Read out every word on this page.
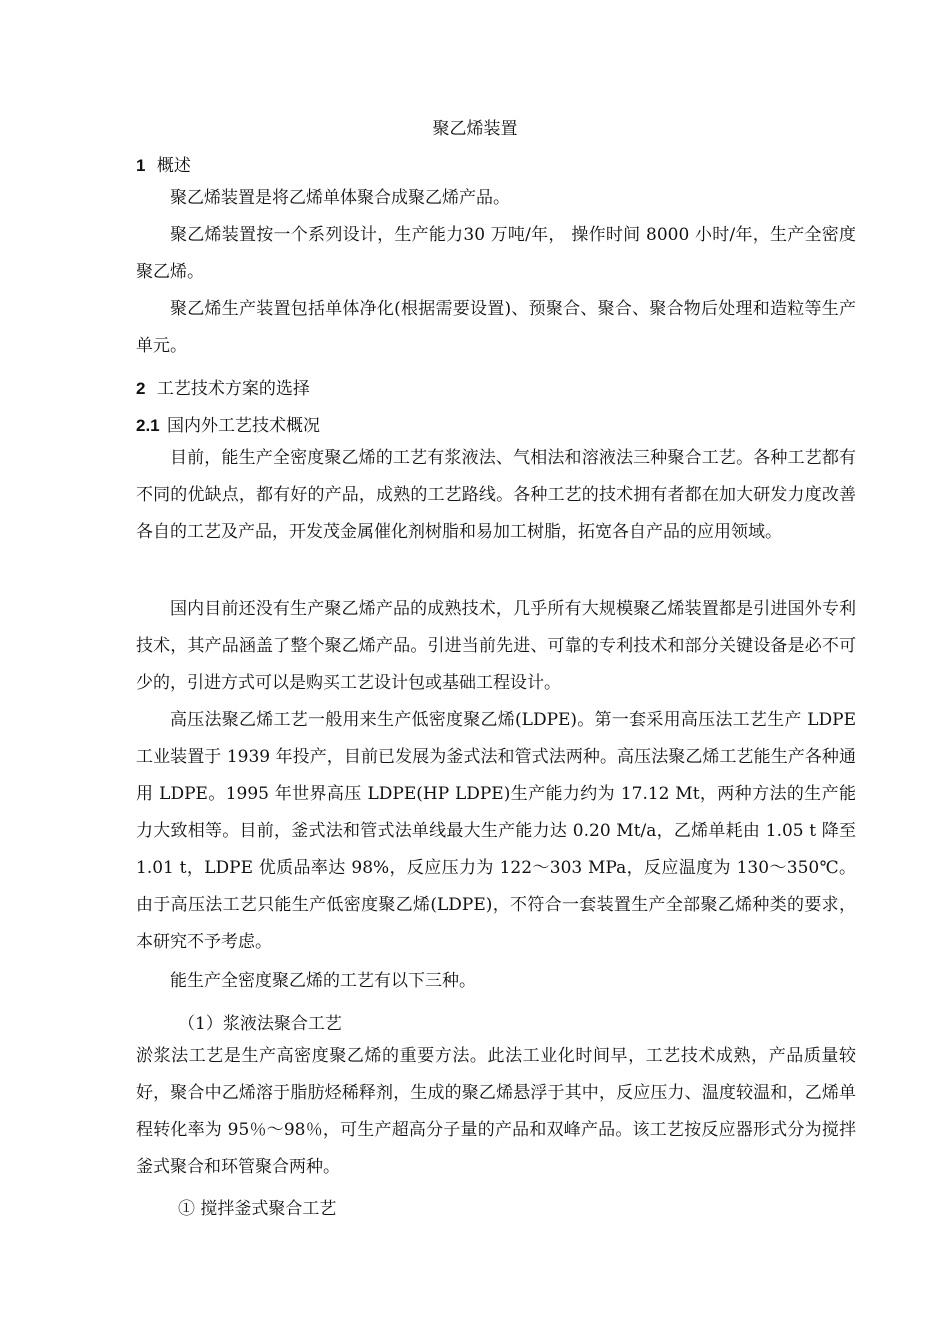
聚乙烯装置
1 概述

聚乙烯装置是将乙烯单体聚合成聚乙烯产品。

聚乙烯装置按一个系列设计，生产能力30 万吨/年， 操作时间 8000 小时/年，生产全密度聚乙烯。

聚乙烯生产装置包括单体净化(根据需要设置)、预聚合、聚合、聚合物后处理和造粒等生产单元。

2 工艺技术方案的选择
2.1 国内外工艺技术概况

目前，能生产全密度聚乙烯的工艺有浆液法、气相法和溶液法三种聚合工艺。各种工艺都有不同的优缺点，都有好的产品，成熟的工艺路线。各种工艺的技术拥有者都在加大研发力度改善各自的工艺及产品，开发茂金属催化剂树脂和易加工树脂，拓宽各自产品的应用领域。

国内目前还没有生产聚乙烯产品的成熟技术，几乎所有大规模聚乙烯装置都是引进国外专利技术，其产品涵盖了整个聚乙烯产品。引进当前先进、可靠的专利技术和部分关键设备是必不可少的，引进方式可以是购买工艺设计包或基础工程设计。

高压法聚乙烯工艺一般用来生产低密度聚乙烯(LDPE)。第一套采用高压法工艺生产 LDPE 工业装置于 1939 年投产，目前已发展为釜式法和管式法两种。高压法聚乙烯工艺能生产各种通用 LDPE。1995 年世界高压 LDPE(HP LDPE)生产能力约为 17.12 Mt，两种方法的生产能力大致相等。目前，釜式法和管式法单线最大生产能力达 0.20 Mt/a，乙烯单耗由 1.05 t 降至 1.01 t，LDPE 优质品率达 98%，反应压力为 122～303 MPa，反应温度为 130～350℃。由于高压法工艺只能生产低密度聚乙烯(LDPE)，不符合一套装置生产全部聚乙烯种类的要求，本研究不予考虑。

能生产全密度聚乙烯的工艺有以下三种。

（1）浆液法聚合工艺

淤浆法工艺是生产高密度聚乙烯的重要方法。此法工业化时间早，工艺技术成熟，产品质量较好，聚合中乙烯溶于脂肪烃稀释剂，生成的聚乙烯悬浮于其中，反应压力、温度较温和，乙烯单程转化率为 95％～98％，可生产超高分子量的产品和双峰产品。该工艺按反应器形式分为搅拌釜式聚合和环管聚合两种。

① 搅拌釜式聚合工艺
